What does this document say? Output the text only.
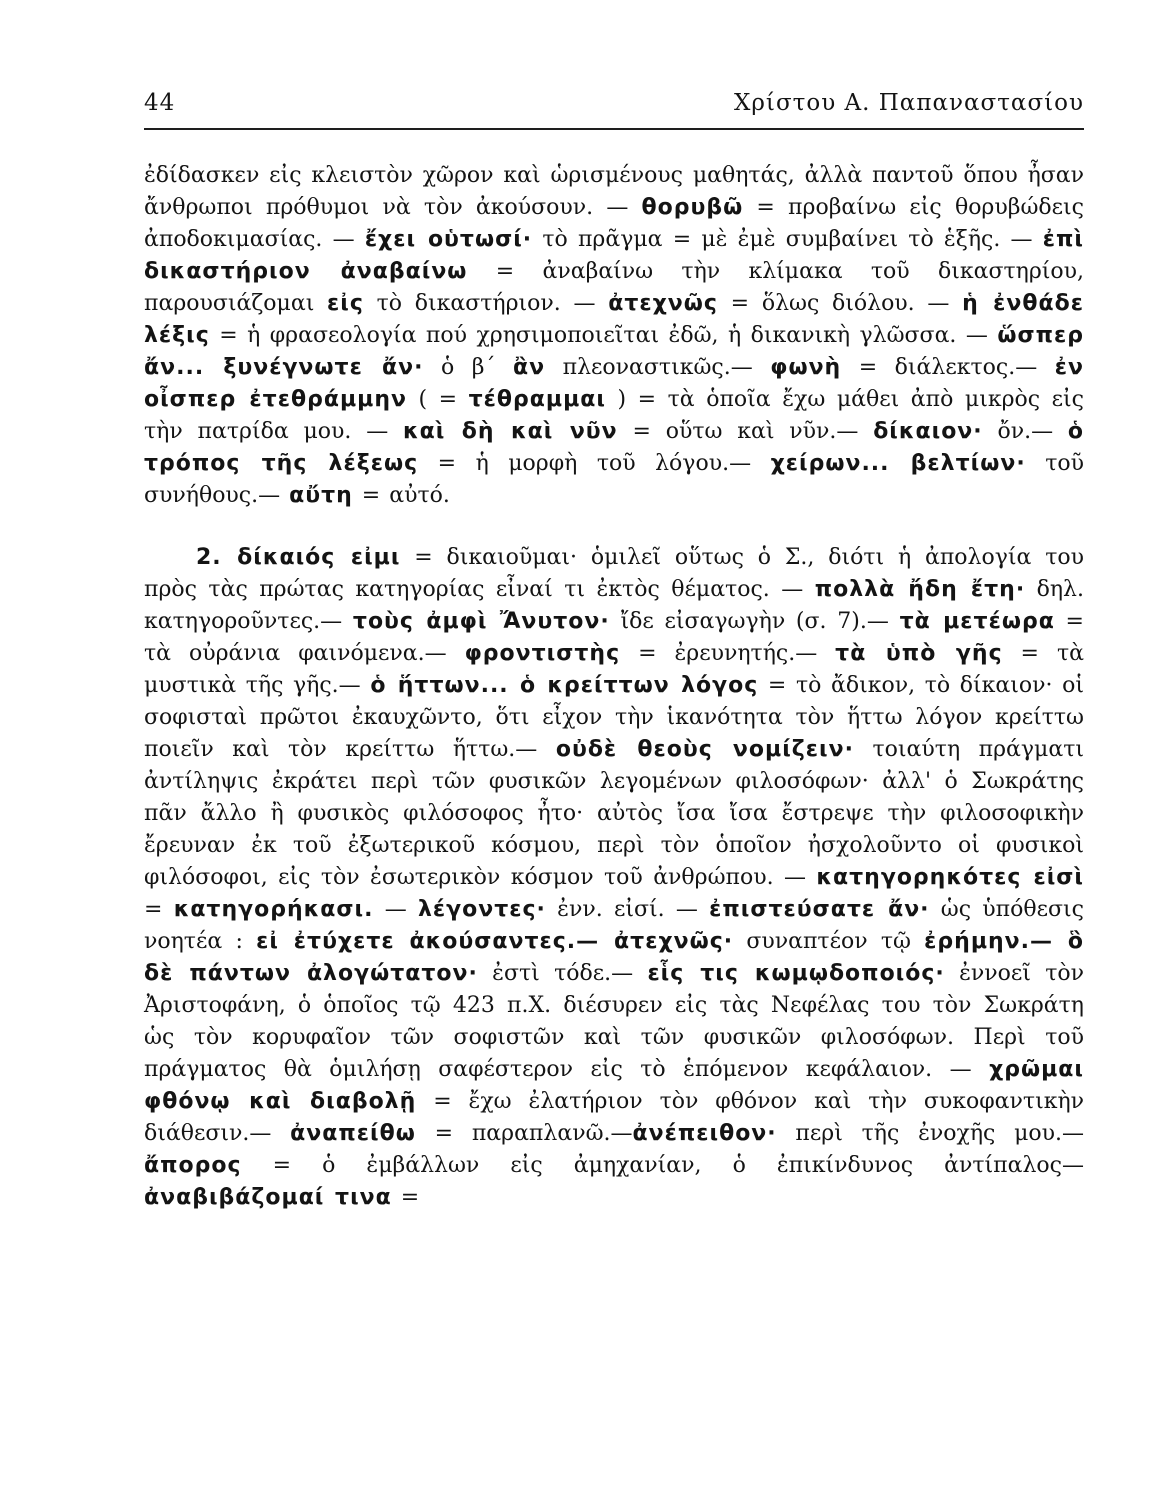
44	Χρίστου Α. Παπαναστασίου

ἐδίδασκεν εἰς κλειστὸν χῶρον καὶ ὡρισμένους μαθητάς, ἀλλὰ παντοῦ ὅπου ἦσαν ἄνθρωποι πρόθυμοι νὰ τὸν ἀκούσουν. — θορυβῶ = προβαίνω εἰς θορυβώδεις ἀποδοκιμασίας. — ἔχει οὑτωσί· τὸ πρᾶγμα = μὲ ἐμὲ συμβαίνει τὸ ἑξῆς. — ἐπὶ δικαστήριον ἀναβαίνω = ἀναβαίνω τὴν κλίμακα τοῦ δικαστηρίου, παρουσιάζομαι εἰς τὸ δικαστήριον. — ἀτεχνῶς = ὅλως διόλου. — ἡ ἐνθάδε λέξις = ἡ φρασεολογία πού χρησιμοποιεῖται ἐδῶ, ἡ δικανικὴ γλῶσσα. — ὥσπερ ἄν... ξυνέγνωτε ἄν· ὁ β΄ ἂν πλεοναστικῶς.— φωνὴ = διάλεκτος.— ἐν οἶσπερ ἐτεθράμμην ( = τέθραμμαι ) = τὰ ὁποῖα ἔχω μάθει ἀπὸ μικρὸς εἰς τὴν πατρίδα μου. — καὶ δὴ καὶ νῦν = οὕτω καὶ νῦν.— δίκαιον· ὄν.— ὁ τρόπος τῆς λέξεως = ἡ μορφὴ τοῦ λόγου.— χείρων... βελτίων· τοῦ συνήθους.— αὔτη = αὐτό.

2. δίκαιός εἰμι = δικαιοῦμαι· ὁμιλεῖ οὕτως ὁ Σ., διότι ἡ ἀπολογία του πρὸς τὰς πρώτας κατηγορίας εἶναί τι ἐκτὸς θέματος. — πολλὰ ἤδη ἔτη· δηλ. κατηγοροῦντες.— τοὺς ἀμφὶ Ἄνυτον· ἴδε εἰσαγωγὴν (σ. 7).— τὰ μετέωρα = τὰ οὐράνια φαινόμενα.— φροντιστὴς = ἐρευνητής.— τὰ ὑπὸ γῆς = τὰ μυστικὰ τῆς γῆς.— ὁ ἥττων... ὁ κρείττων λόγος = τὸ ἄδικον, τὸ δίκαιον· οἱ σοφισταὶ πρῶτοι ἐκαυχῶντο, ὅτι εἶχον τὴν ἱκανότητα τὸν ἥττω λόγον κρείττω ποιεῖν καὶ τὸν κρείττω ἥττω.— οὐδὲ θεοὺς νομίζειν· τοιαύτη πράγματι ἀντίληψις ἐκράτει περὶ τῶν φυσικῶν λεγομένων φιλοσόφων· ἀλλ' ὁ Σωκράτης πᾶν ἄλλο ἢ φυσικὸς φιλόσοφος ἦτο· αὐτὸς ἴσα ἴσα ἔστρεψε τὴν φιλοσοφικὴν ἔρευναν ἐκ τοῦ ἐξωτερικοῦ κόσμου, περὶ τὸν ὁποῖον ἠσχολοῦντο οἱ φυσικοὶ φιλόσοφοι, εἰς τὸν ἐσωτερικὸν κόσμον τοῦ ἀνθρώπου. — κατηγορηκότες εἰσὶ = κατηγορήκασι. — λέγοντες· ἐνν. εἰσί. — ἐπιστεύσατε ἄν· ὡς ὑπόθεσις νοητέα : εἰ ἐτύχετε ἀκούσαντες.— ἀτεχνῶς· συναπτέον τῷ ἐρήμην.— ὃ δὲ πάντων ἀλογώτατον· ἐστὶ τόδε.— εἷς τις κωμῳδοποιός· ἐννοεῖ τὸν Ἀριστοφάνη, ὁ ὁποῖος τῷ 423 π.Χ. διέσυρεν εἰς τὰς Νεφέλας του τὸν Σωκράτη ὡς τὸν κορυφαῖον τῶν σοφιστῶν καὶ τῶν φυσικῶν φιλοσόφων. Περὶ τοῦ πράγματος θὰ ὁμιλήσῃ σαφέστερον εἰς τὸ ἑπόμενον κεφάλαιον. — χρῶμαι φθόνῳ καὶ διαβολῇ = ἔχω ἐλατήριον τὸν φθόνον καὶ τὴν συκοφαντικὴν διάθεσιν.— ἀναπείθω = παραπλανῶ.—ἀνέπειθον· περὶ τῆς ἐνοχῆς μου.—ἄπορος = ὁ ἐμβάλλων εἰς ἀμηχανίαν, ὁ ἐπικίνδυνος ἀντίπαλος— ἀναβιβάζομαί τινα =
